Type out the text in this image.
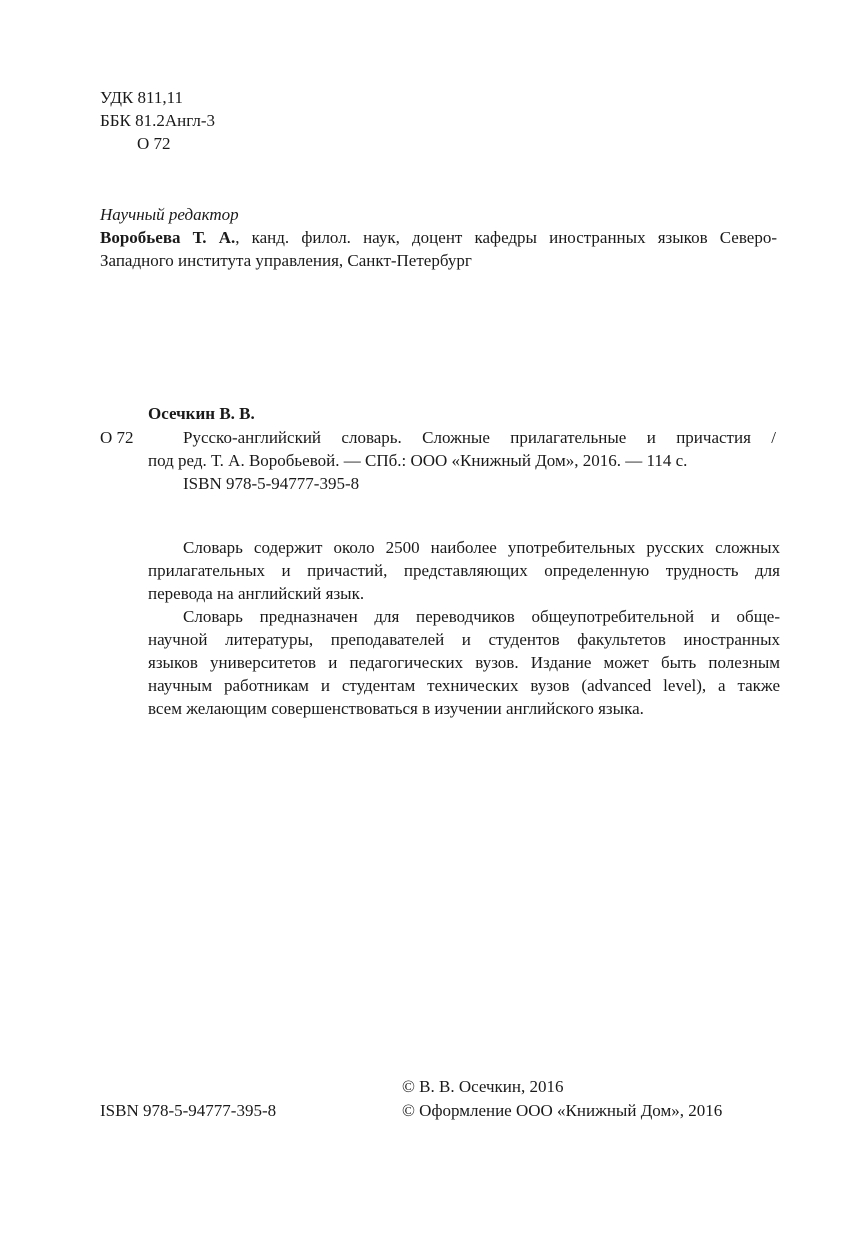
УДК 811,11
ББК 81.2Англ-3
О 72
Научный редактор
Воробьева Т. А., канд. филол. наук, доцент кафедры иностранных языков Северо-
Западного института управления, Санкт-Петербург
Осечкин В. В.
О 72	Русско-английский словарь. Сложные прилагательные и причастия /
под ред. Т. А. Воробьевой. — СПб.: ООО «Книжный Дом», 2016. — 114 с.
ISBN 978-5-94777-395-8
Словарь содержит около 2500 наиболее употребительных русских сложных
прилагательных и причастий, представляющих определенную трудность для
перевода на английский язык.
Словарь предназначен для переводчиков общеупотребительной и обще-
научной литературы, преподавателей и студентов факультетов иностранных
языков университетов и педагогических вузов. Издание может быть полезным
научным работникам и студентам технических вузов (advanced level), а также
всем желающим совершенствоваться в изучении английского языка.
ISBN 978-5-94777-395-8
© В. В. Осечкин, 2016
© Оформление ООО «Книжный Дом», 2016
